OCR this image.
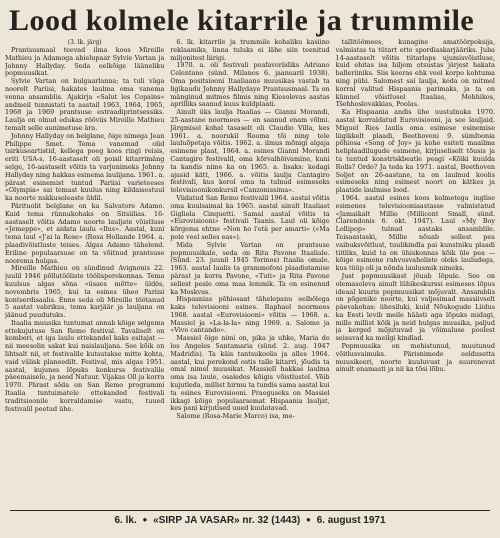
Lood kolmele kitarrile ja trummile

(3. lk. järg)

Prantsusmaal teevad ilma koos Mireille Mathieu ja Adamoga abielupaar Sylvie Vartan ja Johnny Hallyday. Seda eelkõige lääneliku popmuusikat.

Sylvie Vartan on bulgaarlanna; ta tuli väga noorelt Pariisi, hakates laulma oma vanema venna ansamblis. Ajakirja «Salut les Copains» andmeil tunnistati ta aastail 1963, 1964, 1965, 1968 ja 1969 prantsuse estraadiprintsessiks. Laulja on olnud edukas rööviis Mireille Mathieu temalt selle aunimetuse ära.

Johnny Hallyday on belglane, õige nimega Jean Philippe Smet. Tema vanemad olid tsirkuseartistid, kellega poeg koos ringi reisis, eriti USA-s. 16-aastaselt oli poisil kitarrimäng selge, 16-aastaselt võitis ta varjunimeks Johnny Hallyday ning hakkas esinema laulijana. 1961. a. pärast esinemist tuntud Pariisi varieteeses «Olympia» sai temast kuulus ning kildaisestuul ka noorte nakkuseleaste üldil.

Pärituolit belglane on ka Salvatore Adamo. Kuid tema rünnukohaks on Sitsiilias. 16-aastaselt võitis Adamo noorte lauljate võistluse «Jemeppe», et aidata laulu «Ilus». Aastal, kuni tema laul «J'ai la Rose» (Rosa Hollande 1964. a. plaadivõistluste teises. Algas Adamo tähelend. Eriline populaarsuse on ta võitnud prantsuse noorema hulgas.

Mireille Mathieu on sündinud Avignonis 22. juulil 1946 põllutööliste töölisperekonnas. Tema kuulsus algas sõna «üsaes mõtte» üldös, novembris 1965, kui ta esines üheo Pariisi kontserdisaalis. Enne seda oli Mireille töötanud 5 aastat vabrikus, tema karjäär ja lauljana on jäänud puudutuks.

Itaalia muusika tuntumat annab kõige selgema ettekujutuse San Remo festival. Tavaliselt on komberi, et iga laulu ettekandel kaks esitajat — nii meesolin sakat kui naislauljana. See kõik on lihtsalt nii, et festivalile kutsutakse mitte kohta, vaid välisk planeedilt. Festival, mis algas 1951. aastal, kujunes lõpuks konkurss festivalile päeemaisele, ja need Natuur. Vijakas Oll ja korra 1970. Pärast sõda on San Remo programmi Itaalia tuntuimatele ettekanded festivali traditsioonile korraldamise vastu, tuued festivalil peetud ühe.

6. lk. kitarrile ja trummile kohaliku kasiino reklaamiks, linna tuluks ei lähe siin teenitud miljonitest liirigi.

1970. a. oli festivali peafavoriidiks Adriano Celentano (sünd. Milanos 6. jaanuaril 1938). Oma positsiooni Itaaliaans muusikas vastab ta ligikaudu Johnny Hallydaye Prantsusmaal. Ta on mänginud mitmes filmis ning Kiesolevas aastas aprilliks saanud kuus kuldplaati.

Ainult üks laulja Itaalias — Gianni Morandi, 25-aastane noormees — on saanud enam võlmi. Järgmisel kohal tasaselt oli Claudio Villa, kes 1961. a. noorukil Rooma tõi ning tele lauluõpetaja võitis. 1962. a. ilmus mõnigi algaja esimene plaat, 1964. a. esines Gianni Morandi Cantagiro festivalil, oma kõrvalhõivamine, kuni ta kandis nime ka on 1965. a. lisaks: kedagi ajasid kätt, 1966. a. võitis laulja Cantagiro festivali, kus kerol oma ta tulnud esimeseks televisioonikonkursil «Canzonissima».

Viidatud San Remo festivalil 1964. aastal võitis oma kuulsaimal ka 1965. aastal ainult Itaaliast Gigliola Cinquetti. Samal aastal võitis ta «Eurovisiooni» festivali Taanis. Laul oli kõige kõrgema ehtne «Non ho l'età per amarti» («Ma pole veel selles eas»).

Mida Sylvie Vartan on prantsuse popmuusikale, seda on Rita Pavone Itaaliale. (Sünd. 23. juunil 1945 Torinos) Itaalia omale. 1963. aastal laulis ta grammofoni plaadistamise pärast ja korra Pavone, «Tuti» ja Rita Pavone sellest peale oma maa lemmik. Ta on esinenud ka Moskvas.

Hispaanias põhiosaat tähelepanu eelbölega kaks televisiooni esines. Raphael noormees 1968. aastal «Eurovisiooni» võitis — 1968. a. Massiel ja «La-la-la» ning 1969. a. Salome ja «Vivo cantando».

Massiel õige nimi on, pika ja uhke, Maria de los Angeles Santamaria (sünd. 2. aug. 1947 Madridis). Ta käis tantsukoolis ja alles 1964. aastal, kui perekond ostis talle kitarri, jõudis ta omal nimel muusikat. Massiell hakkas laulma oma isa laule, osaledes kõigis võistlustel. Võib kujutleda, millist hirmu ta tundis sama aastal kui ta esines Eurovisiooni. Praeguseks on Massiel ikkagi kõige populaarsemat Hispaania lauljat, kes pani kirjutised uued kuulatavad.

Salome (Rosa-Marie Marco) isa, me-

tallitöömees, kunagine amatöörpoksija, valmistas ta tütart ette spordiaskarjääriks. Juba 14-aastaselt võitis tütarlaps ujumisvõistluse, kuid ehitas isa hiljem otsustas järjest hakata balleriiniks. Siis keeras ehk veel korpo kohtuma ning pühi. Salomest sai laulja, keda on mitmel korral valitud Hispaania parimaks, ja ta on kümnel võistlusel Itaalias, Mehhikos, Tšehhoslovakkias, Poolas.

Ka Hispaania andis ühe uustulnuka 1970. aastal korraldatud Eurovisiooni, ja see lauljaid. Miguel Rios laulis oma esimese esinemise liigikkelt plaadi, Beethoveni 9. sümfoonia põhiosa «Song of Joy» ja kohe esiteti maailma heliplaadilugude esimene, kirjuseliselt tõusis ja ta tuntud konstriskbeatle peagi «Kõiki kuulda Rolls? Ordo? Ja teda ka 1971. aastal, Beethoven Soljet on 26-aastane, ta on laulnud koolis esimeseks ning esimest noort on kätkes ja plaatide laulmise lood.

1964. aastal esines koos kolmetega inglise esimenes televisiooniaastasse valmistatud «Jamaikalt Millie (Millicent Small, sünd. Clarendonis 6. okt. 1947). Laul «My Boy Lollipop» tulnud aastaks ansamblile. Teisaastaski, Millie nõuab sellest pea vaibuksvõitlust, tuulikindla pai kunstniku plaadi tiitliks, kuid ta on ühiskonnas kõik üle pea — kõige esimene rahvusvaheliste oleks lauludega, kus tüüp oli ja nõnda laulusmik nimeks.

Just popmuusikast jõuab lõpule. See on olemasoleva ainult lühikeskurssi esimeses lõpus ideaal kuuris popmuusikat mõjuvalt. Ansamblis on põgenike noorte, kui valjesimad massiivselt päevakohas: ühesiluki, kuid Nõukogude Liidus ka Eesti levib meile häästi aga lõpuks midagi, mille millist kõik ja neid hulgas muusika, paljud ja kerged mõjutuvad ja võimaluse poolest seisuvad ka meilgi kindlad.

Popmuusika on mehistunud, muutunud võitlusvaimuks. Pärisnimede eeldusetta muusikeeri, noorte kuuluvust ja suurenevat ainult enamasti ja nii ka tõsi lõbu.

6. lk. ● «SIRP JA VASAR» nr. 32 (1443) ● 6. august 1971
